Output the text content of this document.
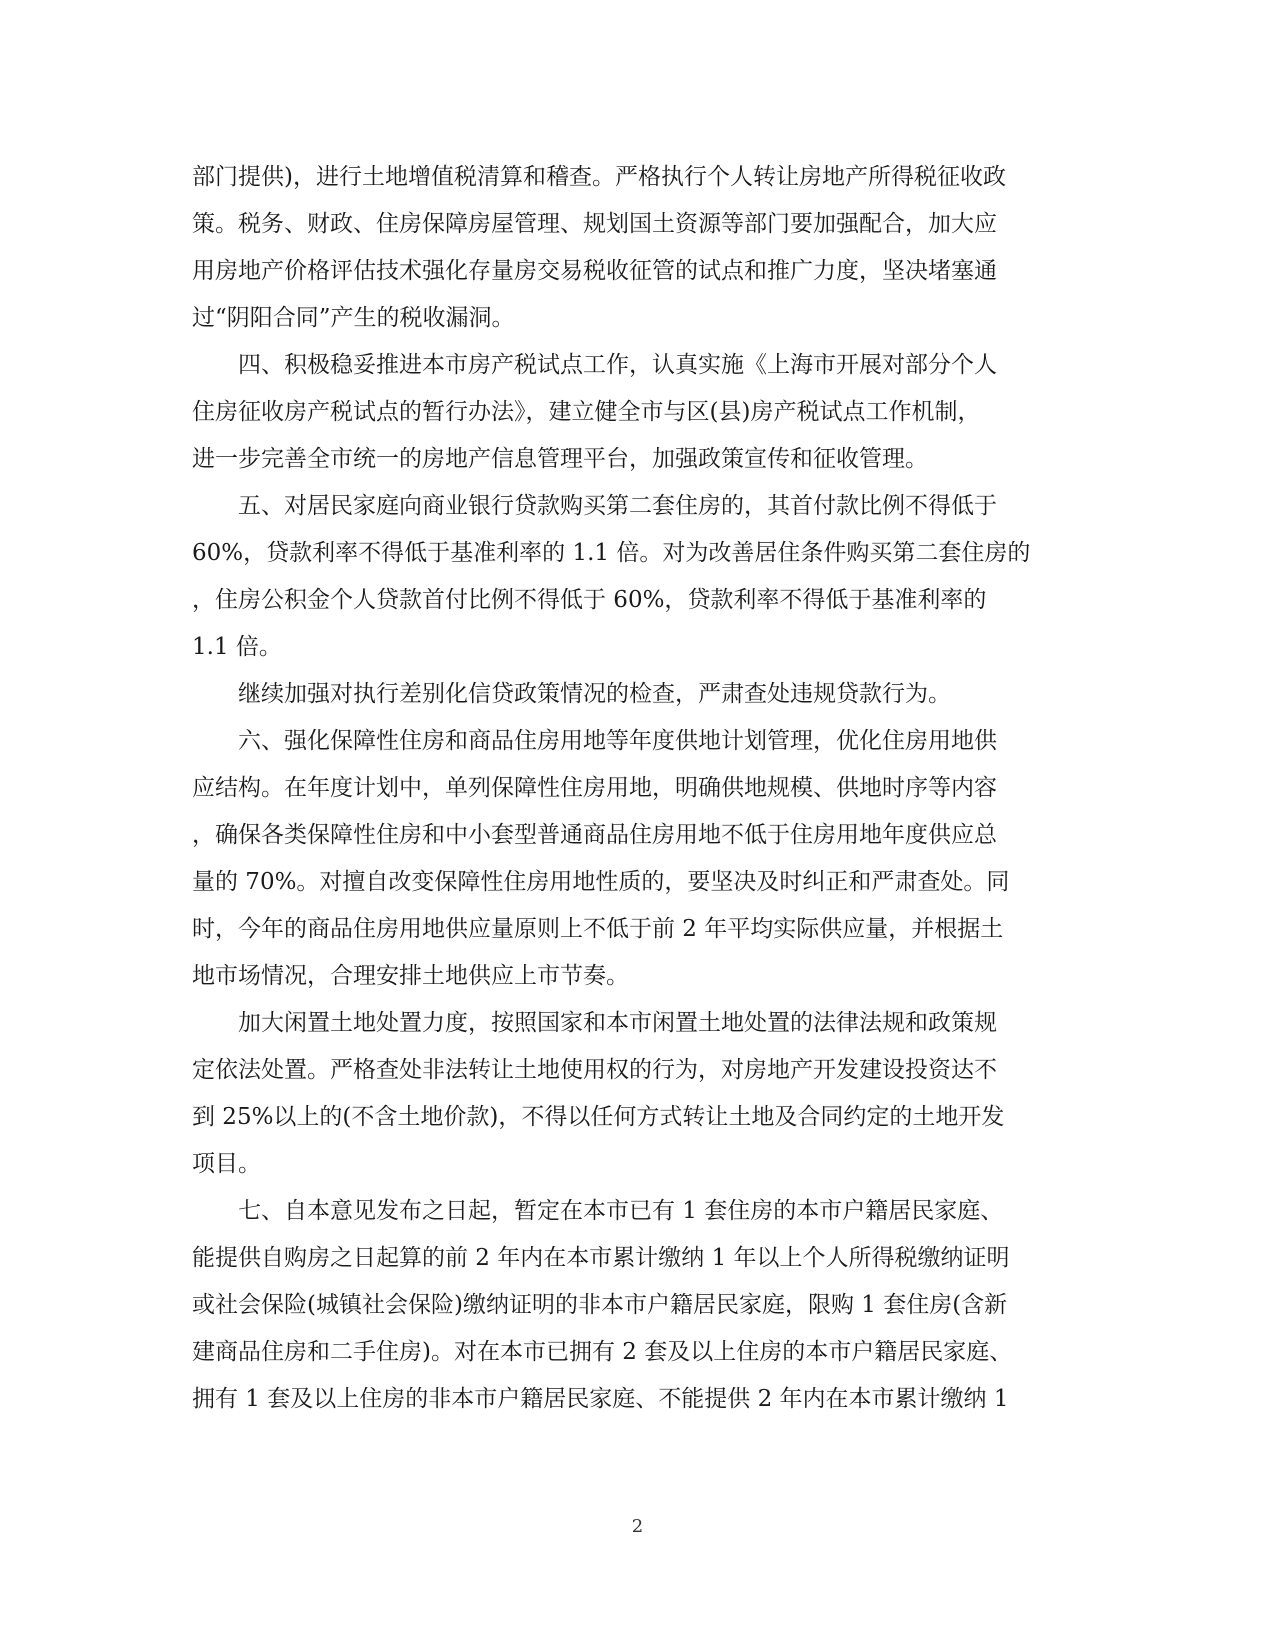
部门提供)，进行土地增值税清算和稽查。严格执行个人转让房地产所得税征收政
策。税务、财政、住房保障房屋管理、规划国土资源等部门要加强配合，加大应
用房地产价格评估技术强化存量房交易税收征管的试点和推广力度，坚决堵塞通
过“阴阳合同”产生的税收漏洞。
四、积极稳妥推进本市房产税试点工作，认真实施《上海市开展对部分个人
住房征收房产税试点的暂行办法》，建立健全市与区(县)房产税试点工作机制，
进一步完善全市统一的房地产信息管理平台，加强政策宣传和征收管理。
五、对居民家庭向商业银行贷款购买第二套住房的，其首付款比例不得低于
60%，贷款利率不得低于基准利率的 1.1 倍。对为改善居住条件购买第二套住房的
，住房公积金个人贷款首付比例不得低于 60%，贷款利率不得低于基准利率的
1.1 倍。
继续加强对执行差别化信贷政策情况的检查，严肃查处违规贷款行为。
六、强化保障性住房和商品住房用地等年度供地计划管理，优化住房用地供
应结构。在年度计划中，单列保障性住房用地，明确供地规模、供地时序等内容
，确保各类保障性住房和中小套型普通商品住房用地不低于住房用地年度供应总
量的 70%。对擅自改变保障性住房用地性质的，要坚决及时纠正和严肃查处。同
时，今年的商品住房用地供应量原则上不低于前 2 年平均实际供应量，并根据土
地市场情况，合理安排土地供应上市节奏。
加大闲置土地处置力度，按照国家和本市闲置土地处置的法律法规和政策规
定依法处置。严格查处非法转让土地使用权的行为，对房地产开发建设投资达不
到 25%以上的(不含土地价款)，不得以任何方式转让土地及合同约定的土地开发
项目。
七、自本意见发布之日起，暂定在本市已有 1 套住房的本市户籍居民家庭、
能提供自购房之日起算的前 2 年内在本市累计缴纳 1 年以上个人所得税缴纳证明
或社会保险(城镇社会保险)缴纳证明的非本市户籍居民家庭，限购 1 套住房(含新
建商品住房和二手住房)。对在本市已拥有 2 套及以上住房的本市户籍居民家庭、
拥有 1 套及以上住房的非本市户籍居民家庭、不能提供 2 年内在本市累计缴纳 1
2
